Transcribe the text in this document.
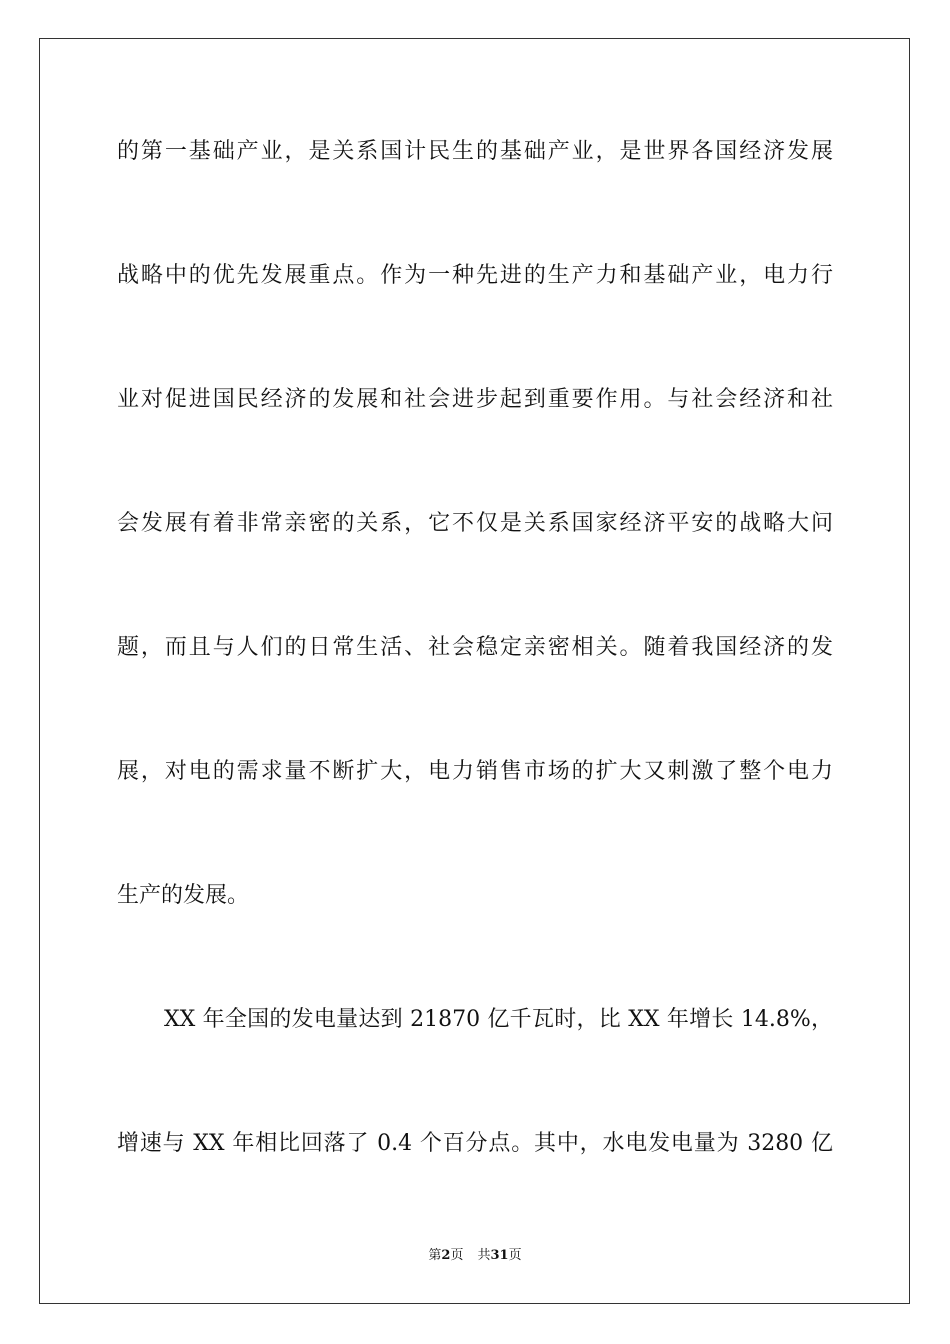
的第一基础产业，是关系国计民生的基础产业，是世界各国经济发展
战略中的优先发展重点。作为一种先进的生产力和基础产业，电力行
业对促进国民经济的发展和社会进步起到重要作用。与社会经济和社
会发展有着非常亲密的关系，它不仅是关系国家经济平安的战略大问
题，而且与人们的日常生活、社会稳定亲密相关。随着我国经济的发
展，对电的需求量不断扩大，电力销售市场的扩大又刺激了整个电力
生产的发展。
XX 年全国的发电量达到 21870 亿千瓦时，比 XX 年增长 14.8%，
增速与 XX 年相比回落了 0.4 个百分点。其中，水电发电量为 3280 亿
第2页 共31页
